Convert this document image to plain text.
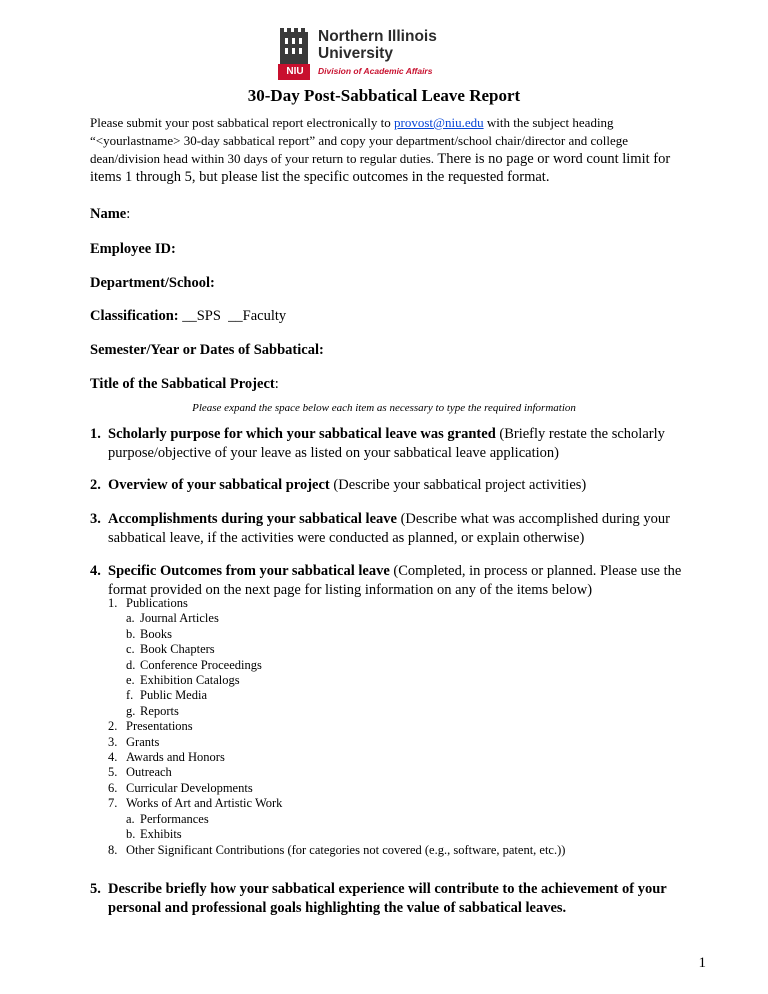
NIU
Northern Illinois
University
Division of Academic Affairs
30-Day Post-Sabbatical Leave Report
Please submit your post sabbatical report electronically to provost@niu.edu with the subject heading “<yourlastname> 30-day sabbatical report” and copy your department/school chair/director and college dean/division head within 30 days of your return to regular duties. There is no page or word count limit for items 1 through 5, but please list the specific outcomes in the requested format.
Name:
Employee ID:
Department/School:
Classification: __SPS  __Faculty
Semester/Year or Dates of Sabbatical:
Title of the Sabbatical Project:
Please expand the space below each item as necessary to type the required information
1. Scholarly purpose for which your sabbatical leave was granted (Briefly restate the scholarly purpose/objective of your leave as listed on your sabbatical leave application)
2. Overview of your sabbatical project (Describe your sabbatical project activities)
3. Accomplishments during your sabbatical leave (Describe what was accomplished during your sabbatical leave, if the activities were conducted as planned, or explain otherwise)
4. Specific Outcomes from your sabbatical leave (Completed, in process or planned. Please use the format provided on the next page for listing information on any of the items below)
1. Publications
a. Journal Articles
b. Books
c. Book Chapters
d. Conference Proceedings
e. Exhibition Catalogs
f. Public Media
g. Reports
2. Presentations
3. Grants
4. Awards and Honors
5. Outreach
6. Curricular Developments
7. Works of Art and Artistic Work
a. Performances
b. Exhibits
8. Other Significant Contributions (for categories not covered (e.g., software, patent, etc.))
5. Describe briefly how your sabbatical experience will contribute to the achievement of your personal and professional goals highlighting the value of sabbatical leaves.
1
